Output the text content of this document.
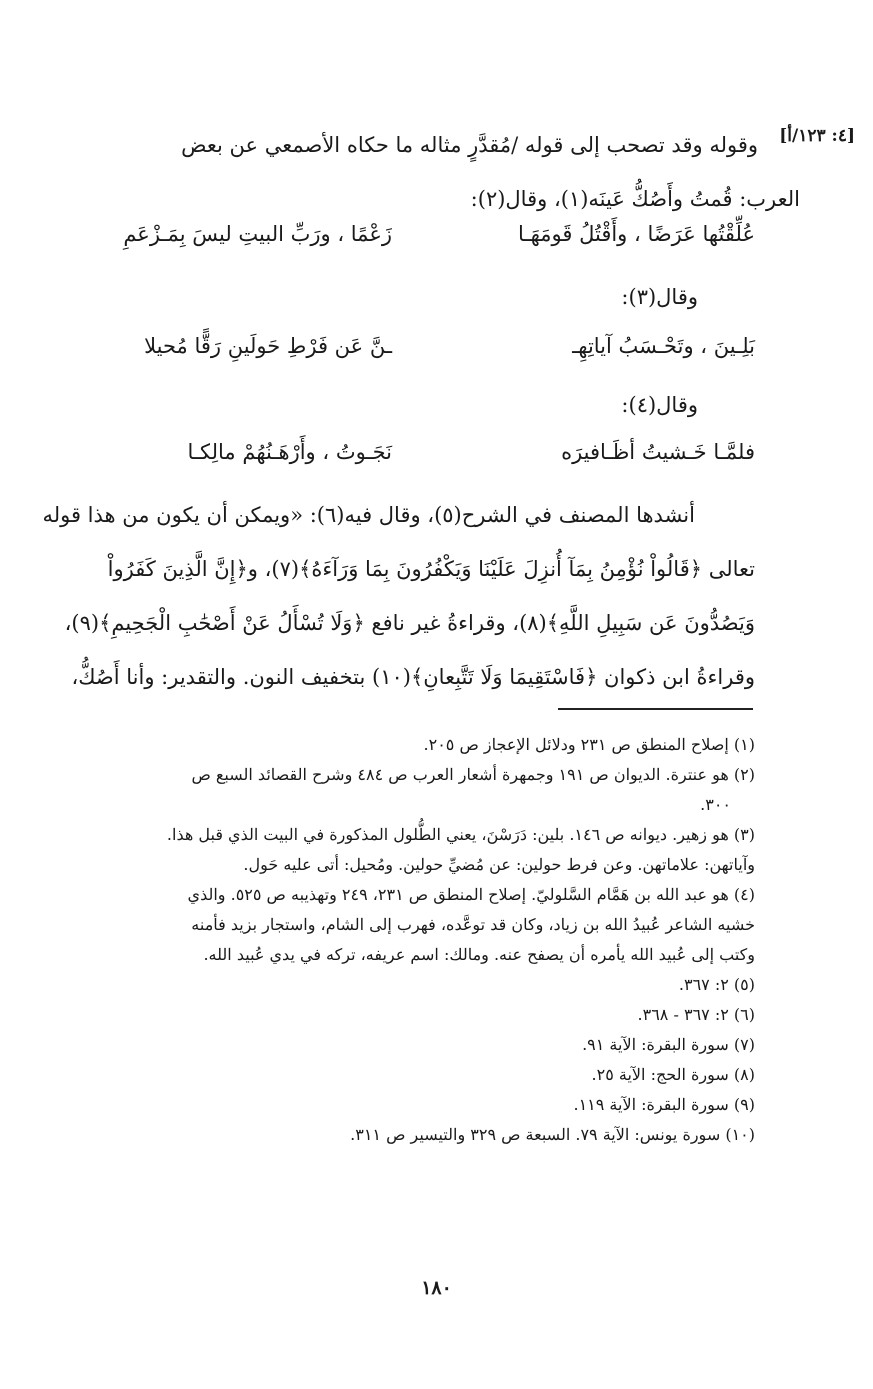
[٤: ١٢٣/أ]
وقوله وقد تصحب إلى قوله /مُقدَّرٍ مثاله ما حكاه الأصمعي عن بعض
العرب: قُمتُ وأَصُكُّ عَينَه(١)، وقال(٢):
عُلِّقْتُها عَرَضًا ، وأَقْتُلُ قَومَهَـا
زَعْمًا ، ورَبِّ البيتِ ليسَ بِمَـزْعَمِ
وقال(٣):
بَلِـينَ ، وتَحْـسَبُ آياتِهِـ
ـنَّ عَن فَرْطِ حَولَينِ رَقًّا مُحيلا
وقال(٤):
فلمَّـا خَـشيتُ أظَـافيرَه
نَجَـوتُ ، وأَرْهَـنُهُمْ مالِكـا
أنشدها المصنف في الشرح(٥)، وقال فيه(٦): «ويمكن أن يكون من هذا قوله
تعالى ﴿قَالُواْ نُؤْمِنُ بِمَآ أُنزِلَ عَلَيْنَا وَيَكْفُرُونَ بِمَا وَرَآءَهُ﴾(٧)، و﴿إِنَّ الَّذِينَ كَفَرُواْ
وَيَصُدُّونَ عَن سَبِيلِ اللَّهِ﴾(٨)، وقراءةُ غير نافع ﴿وَلَا تُسْأَلُ عَنْ أَصْحَٰبِ الْجَحِيمِ﴾(٩)،
وقراءةُ ابن ذكوان ﴿فَاسْتَقِيمَا وَلَا تَتَّبِعانِ﴾(١٠) بتخفيف النون. والتقدير: وأنا أَصُكُّ،
(١) إصلاح المنطق ص ٢٣١ ودلائل الإعجاز ص ٢٠٥.
(٢) هو عنترة. الديوان ص ١٩١ وجمهرة أشعار العرب ص ٤٨٤ وشرح القصائد السبع ص
٣٠٠.
(٣) هو زهير. ديوانه ص ١٤٦. بلين: دَرَسْنَ، يعني الطُّلول المذكورة في البيت الذي قبل هذا.
وآياتهن: علاماتهن. وعن فرط حولين: عن مُضيِّ حولين. ومُحيل: أتى عليه حَول.
(٤) هو عبد الله بن هَمَّام السَّلوليّ. إصلاح المنطق ص ٢٣١، ٢٤٩ وتهذيبه ص ٥٢٥. والذي
خشيه الشاعر عُبيدُ الله بن زياد، وكان قد توعَّده، فهرب إلى الشام، واستجار بزيد فأمنه
وكتب إلى عُبيد الله يأمره أن يصفح عنه. ومالك: اسم عريفه، تركه في يدي عُبيد الله.
(٥) ٢: ٣٦٧.
(٦) ٢: ٣٦٧ - ٣٦٨.
(٧) سورة البقرة: الآية ٩١.
(٨) سورة الحج: الآية ٢٥.
(٩) سورة البقرة: الآية ١١٩.
(١٠) سورة يونس: الآية ٧٩. السبعة ص ٣٢٩ والتيسير ص ٣١١.
١٨٠
